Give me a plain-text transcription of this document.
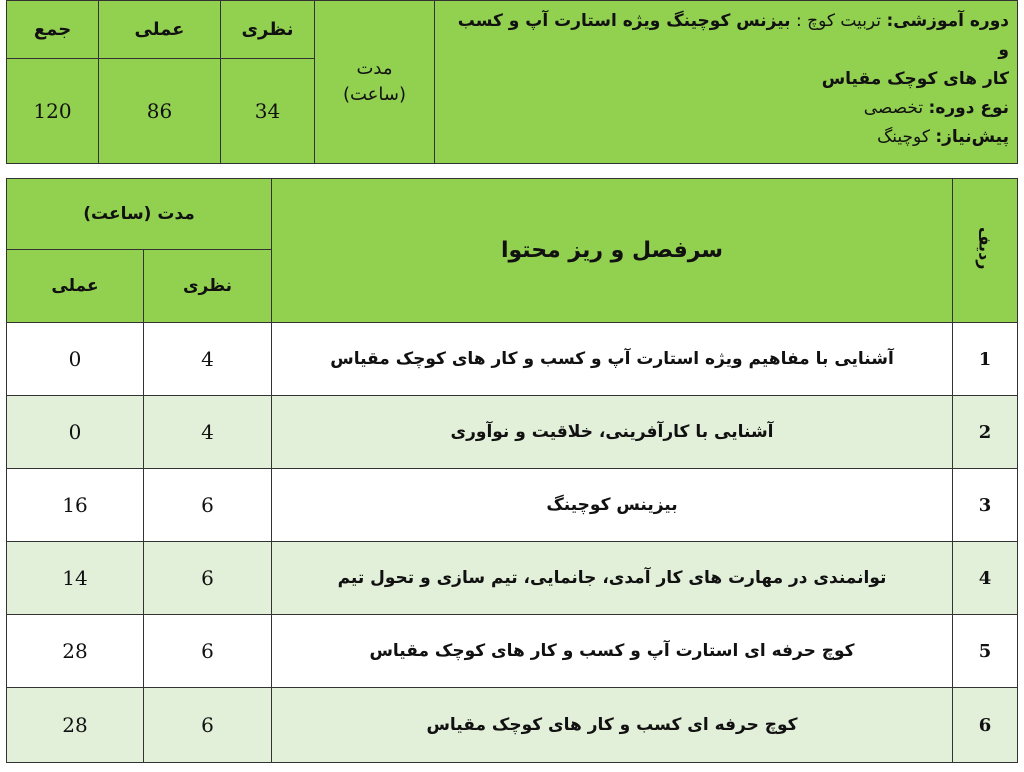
جمع	عملی	نظری	مدت (ساعت)	دوره آموزشی: تربیت کوچ : بیزنس کوچینگ ویژه استارت آپ و کسب و
کار های کوچک مقیاس
نوع دوره: تخصصی
پیش‌نیاز: کوچینگ

120	86	34		
مدت (ساعت)		سرفصل و ریز محتوا	ردیف
عملی	نظری		
0	4	آشنایی با مفاهیم ویژه استارت آپ و کسب و کار های کوچک مقیاس	1
0	4	آشنایی با کارآفرینی، خلاقیت و نوآوری	2
16	6	بیزینس کوچینگ	3
14	6	توانمندی در مهارت های کار آمدی، جانمایی، تیم سازی و تحول تیم	4
28	6	کوچ حرفه ای استارت آپ و کسب و کار های کوچک مقیاس	5
28	6	کوچ حرفه ای کسب و کار های کوچک مقیاس	6
